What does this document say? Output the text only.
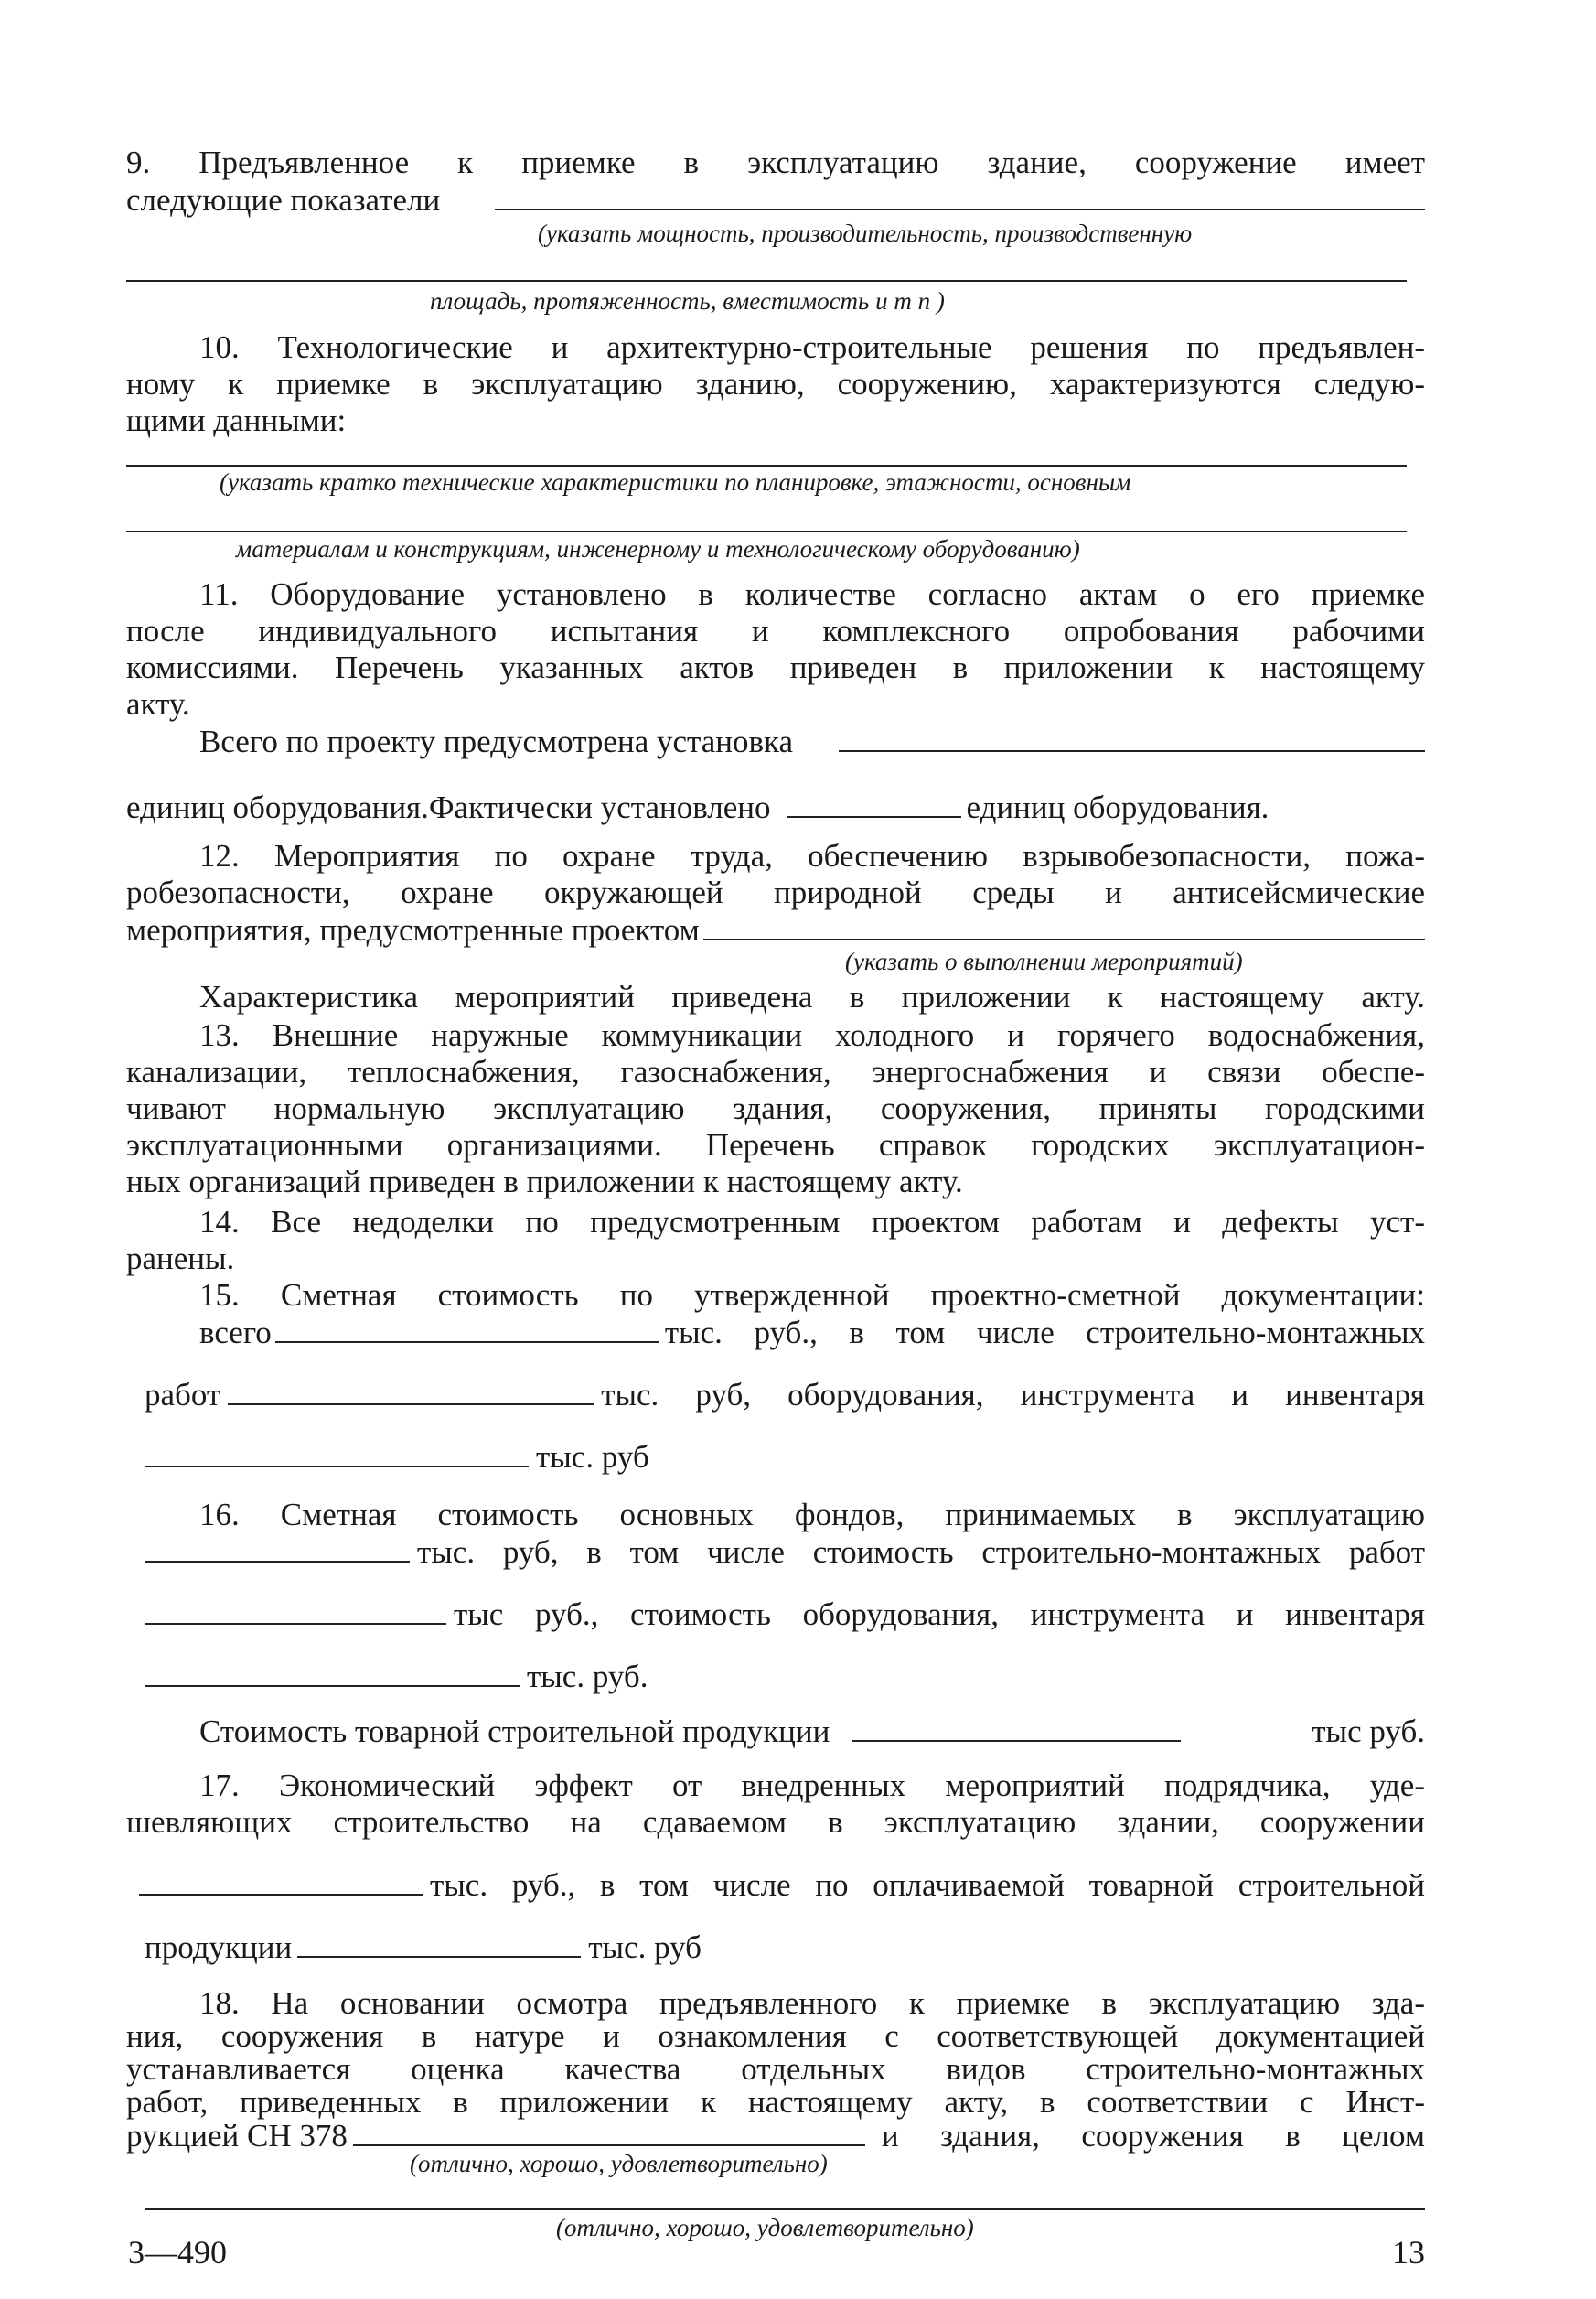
9. Предъявленное к приемке в эксплуатацию здание, сооружение имеет
следующие показатели
(указать мощность, производительность, производственную
площадь, протяженность, вместимость и т п )
10. Технологические и архитектурно-строительные решения по предъявлен-
ному к приемке в эксплуатацию зданию, сооружению, характеризуются следую-
щими данными:
(указать кратко технические характеристики по планировке, этажности, основным
материалам и конструкциям, инженерному и технологическому оборудованию)
11. Оборудование установлено в количестве согласно актам о его приемке
после индивидуального испытания и комплексного опробования рабочими
комиссиями. Перечень указанных актов приведен в приложении к настоящему
акту.
Всего по проекту предусмотрена установка
единиц оборудования.Фактически установлено	единиц оборудования.
12. Мероприятия по охране труда, обеспечению взрывобезопасности, пожа-
робезопасности, охране окружающей природной среды и антисейсмические
мероприятия, предусмотренные проектом
(указать о выполнении мероприятий)
Характеристика мероприятий приведена в приложении к настоящему акту.
13. Внешние наружные коммуникации холодного и горячего водоснабжения,
канализации, теплоснабжения, газоснабжения, энергоснабжения и связи обеспе-
чивают нормальную эксплуатацию здания, сооружения, приняты городскими
эксплуатационными организациями. Перечень справок городских эксплуатацион-
ных организаций приведен в приложении к настоящему акту.
14. Все недоделки по предусмотренным проектом работам и дефекты уст-
ранены.
15. Сметная стоимость по утвержденной проектно-сметной документации:
всего	тыс. руб., в том числе строительно-монтажных
работ	тыс. руб, оборудования, инструмента и инвентаря
тыс. руб
16. Сметная стоимость основных фондов, принимаемых в эксплуатацию
тыс. руб, в том числе стоимость строительно-монтажных работ
тыс руб., стоимость оборудования, инструмента и инвентаря
тыс. руб.
Стоимость товарной строительной продукции	тыс руб.
17. Экономический эффект от внедренных мероприятий подрядчика, уде-
шевляющих строительство на сдаваемом в эксплуатацию здании, сооружении
тыс. руб., в том числе по оплачиваемой товарной строительной
продукции	тыс. руб
18. На основании осмотра предъявленного к приемке в эксплуатацию зда-
ния, сооружения в натуре и ознакомления с соответствующей документацией
устанавливается оценка качества отдельных видов строительно-монтажных
работ, приведенных в приложении к настоящему акту, в соответствии с Инст-
рукцией СН 378	и здания, сооружения в целом
(отлично, хорошо, удовлетворительно)
(отлично, хорошо, удовлетворительно)
3—490	13
